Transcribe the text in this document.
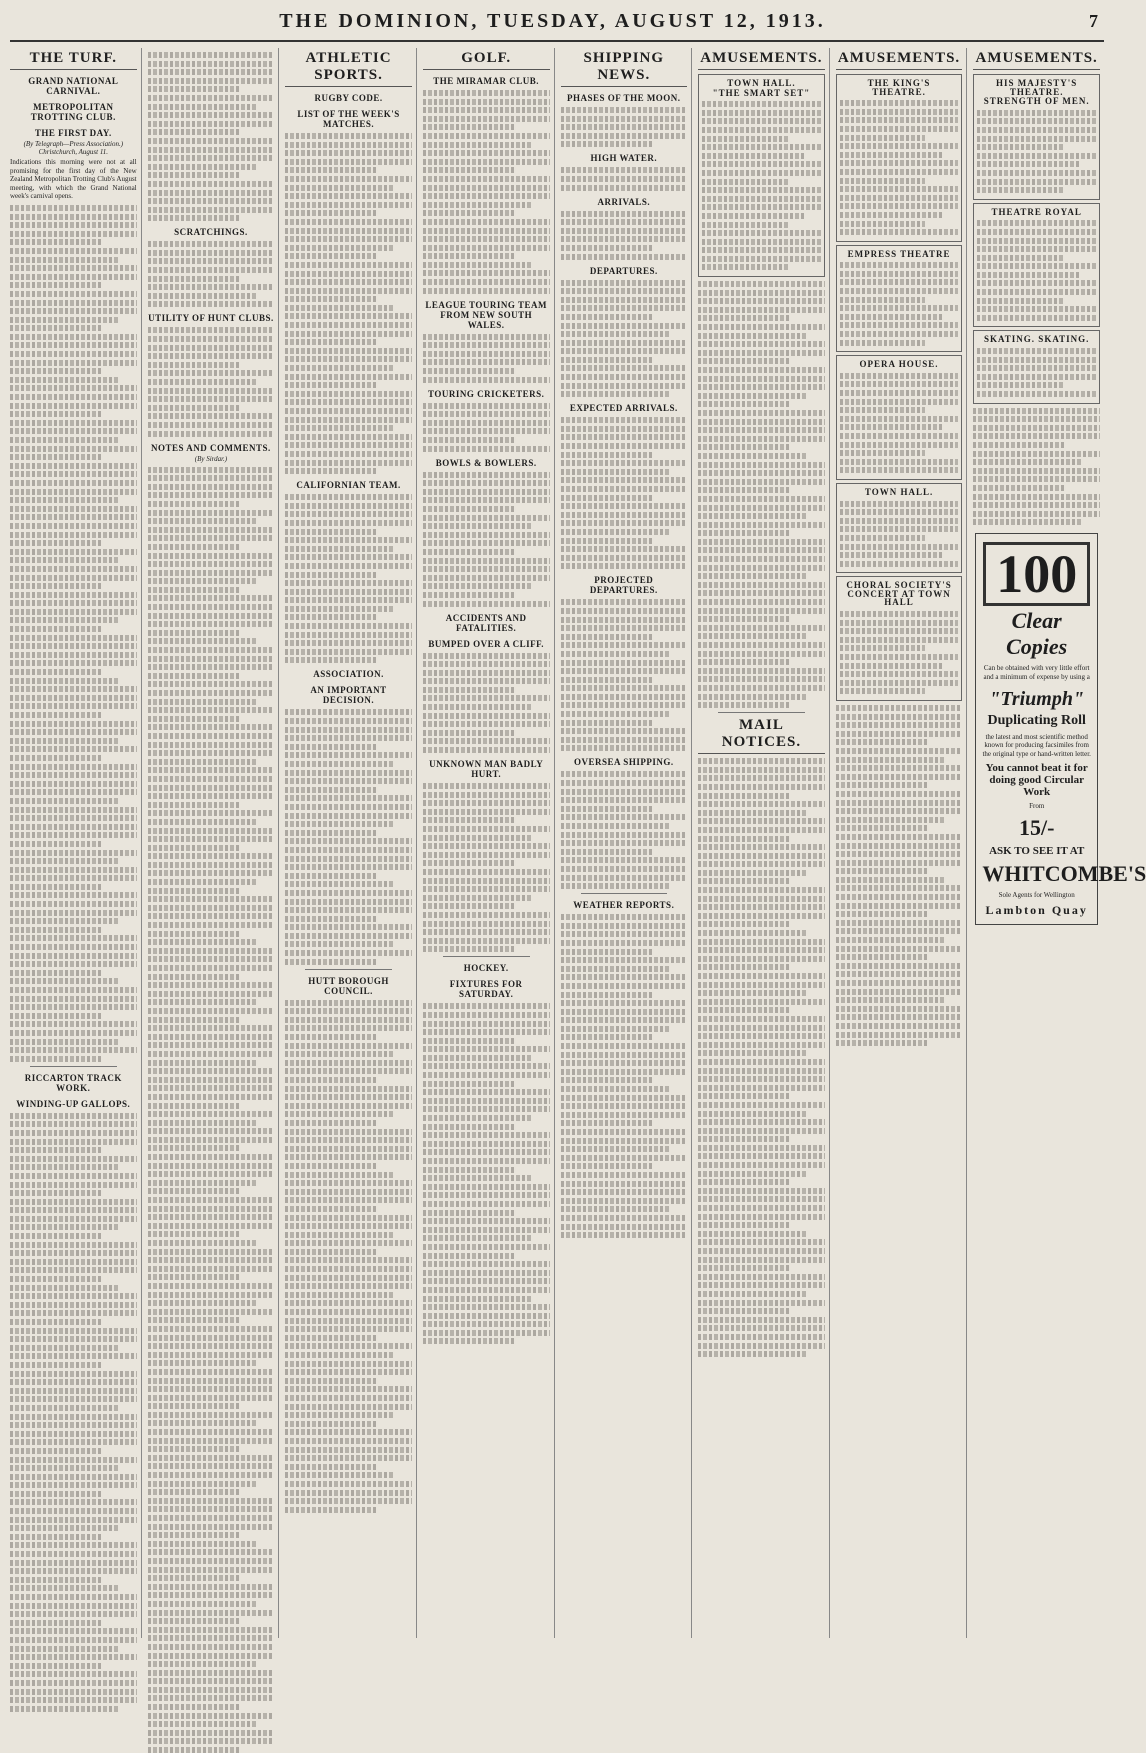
THE DOMINION, TUESDAY, AUGUST 12, 1913.	7
THE TURF.
GRAND NATIONAL CARNIVAL.
METROPOLITAN TROTTING CLUB.
THE FIRST DAY.
(By Telegraph—Press Association.) Christchurch, August 11.

Indications this morning were not at all promising for the first day of the New Zealand Metropolitan Trotting Club's August meeting, with which the Grand National week's carnival opens.

RICCARTON TRACK WORK.
WINDING-UP GALLOPS.
SCRATCHINGS.
UTILITY OF HUNT CLUBS.
NOTES AND COMMENTS.
(By Sirdar.)
ATHLETIC SPORTS.
RUGBY CODE.
LIST OF THE WEEK'S MATCHES.
CALIFORNIAN TEAM.
ASSOCIATION.
AN IMPORTANT DECISION.
HUTT BOROUGH COUNCIL.
GOLF.
THE MIRAMAR CLUB.
LEAGUE TOURING TEAM FROM NEW SOUTH WALES.
TOURING CRICKETERS.
BOWLS & BOWLERS.
ACCIDENTS AND FATALITIES.
BUMPED OVER A CLIFF.
UNKNOWN MAN BADLY HURT.
HOCKEY.
FIXTURES FOR SATURDAY.
SHIPPING NEWS.
PHASES OF THE MOON.
HIGH WATER.
ARRIVALS.
DEPARTURES.
EXPECTED ARRIVALS.
PROJECTED DEPARTURES.
OVERSEA SHIPPING.
WEATHER REPORTS.
AMUSEMENTS.
TOWN HALL.
"THE SMART SET"
MAIL NOTICES.
AMUSEMENTS.
THE KING'S THEATRE.
EMPRESS THEATRE
OPERA HOUSE.
TOWN HALL.
CHORAL SOCIETY'S CONCERT AT TOWN HALL
AMUSEMENTS.
HIS MAJESTY'S THEATRE.
STRENGTH OF MEN.
THEATRE ROYAL
SKATING. SKATING.
100
Clear Copies
Can be obtained with very little effort and a minimum of expense by using a
"Triumph"
Duplicating Roll
the latest and most scientific method known for producing facsimiles from the original type or hand-written letter.
You cannot beat it for doing good Circular Work
From
15/-
ASK TO SEE IT AT
WHITCOMBE'S
Sole Agents for Wellington
Lambton Quay
